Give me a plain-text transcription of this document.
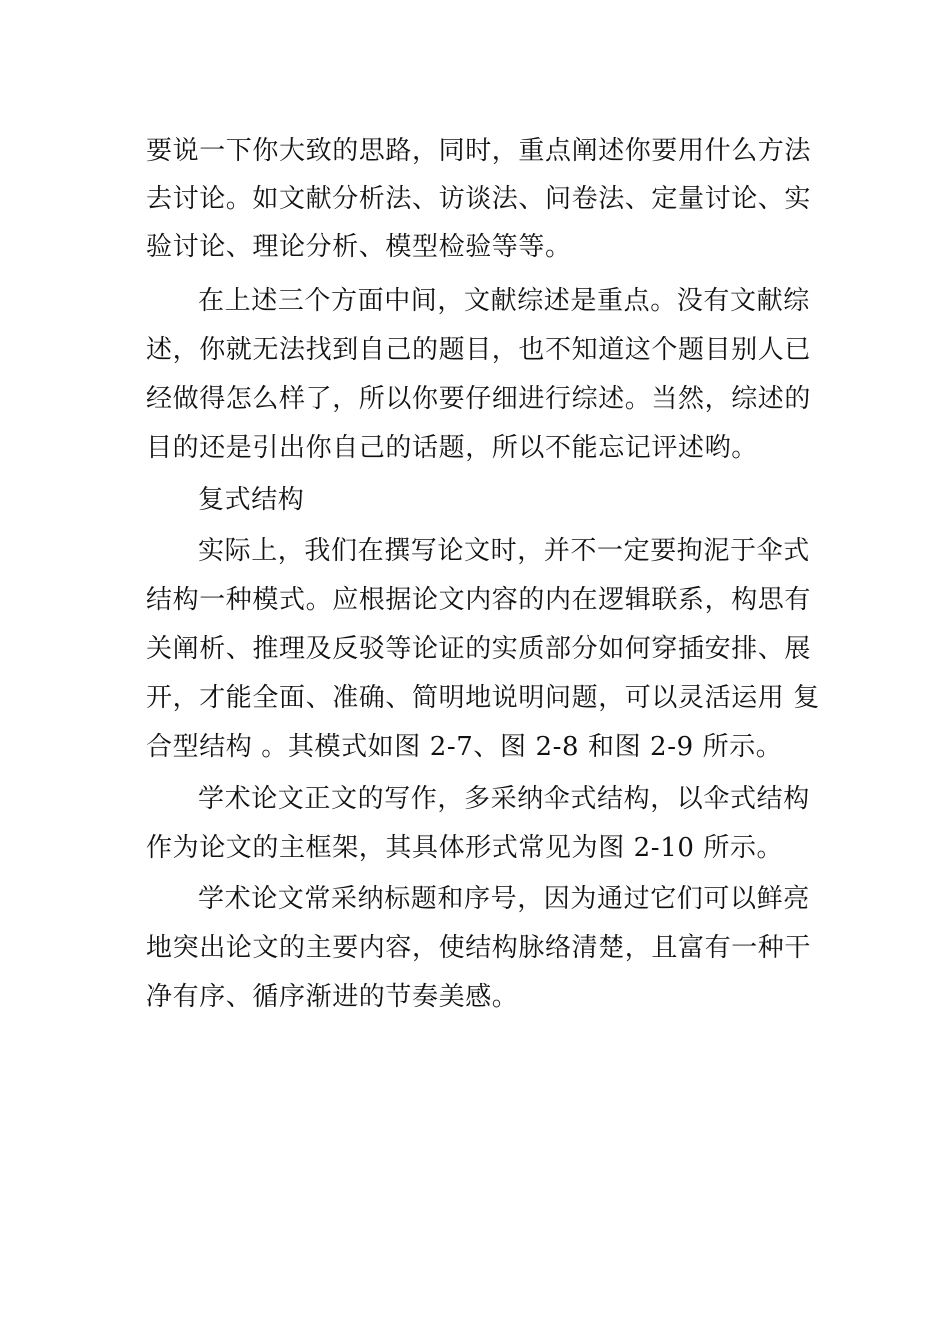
要说一下你大致的思路，同时，重点阐述你要用什么方法
去讨论。如文献分析法、访谈法、问卷法、定量讨论、实
验讨论、理论分析、模型检验等等。
在上述三个方面中间，文献综述是重点。没有文献综
述，你就无法找到自己的题目，也不知道这个题目别人已
经做得怎么样了，所以你要仔细进行综述。当然，综述的
目的还是引出你自己的话题，所以不能忘记评述哟。
复式结构
实际上，我们在撰写论文时，并不一定要拘泥于伞式
结构一种模式。应根据论文内容的内在逻辑联系，构思有
关阐析、推理及反驳等论证的实质部分如何穿插安排、展
开，才能全面、准确、简明地说明问题，可以灵活运用 复
合型结构 。其模式如图 2-7、图 2-8 和图 2-9 所示。
学术论文正文的写作，多采纳伞式结构，以伞式结构
作为论文的主框架，其具体形式常见为图 2-10 所示。
学术论文常采纳标题和序号，因为通过它们可以鲜亮
地突出论文的主要内容，使结构脉络清楚，且富有一种干
净有序、循序渐进的节奏美感。
